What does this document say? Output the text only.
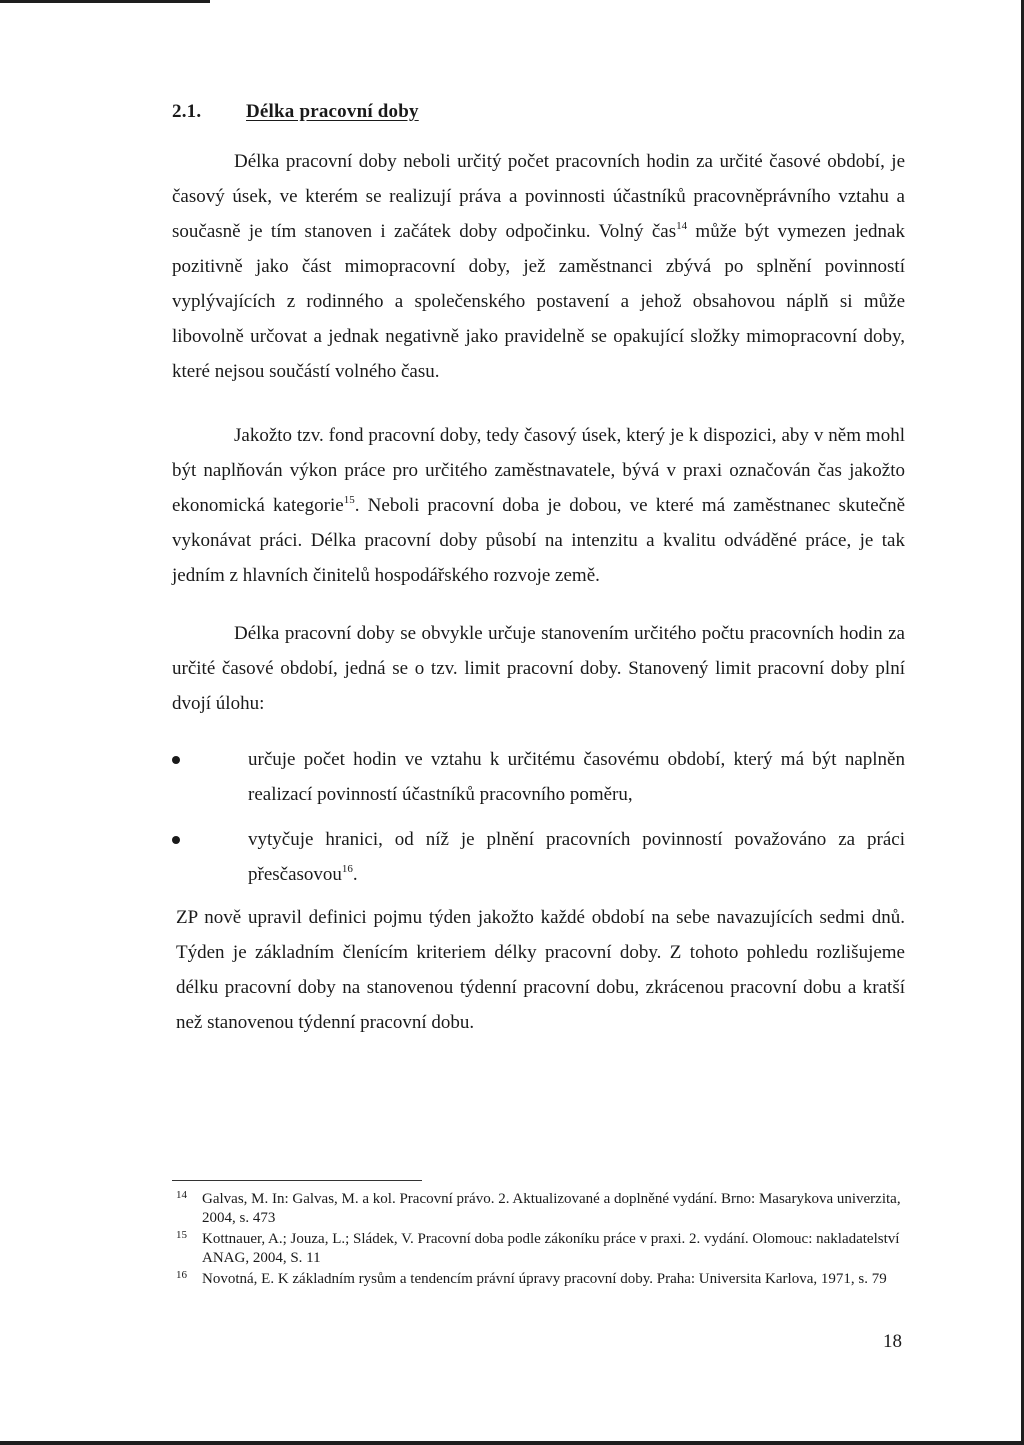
2.1. Délka pracovní doby

Délka pracovní doby neboli určitý počet pracovních hodin za určité časové období, je časový úsek, ve kterém se realizují práva a povinnosti účastníků pracovněprávního vztahu a současně je tím stanoven i začátek doby odpočinku. Volný čas$^{14}$ může být vymezen jednak pozitivně jako část mimopracovní doby, jež zaměstnanci zbývá po splnění povinností vyplývajících z rodinného a společenského postavení a jehož obsahovou náplň si může libovolně určovat a jednak negativně jako pravidelně se opakující složky mimopracovní doby, které nejsou součástí volného času.

Jakožto tzv. fond pracovní doby, tedy časový úsek, který je k dispozici, aby v něm mohl být naplňován výkon práce pro určitého zaměstnavatele, bývá v praxi označován čas jakožto ekonomická kategorie$^{15}$. Neboli pracovní doba je dobou, ve které má zaměstnanec skutečně vykonávat práci. Délka pracovní doby působí na intenzitu a kvalitu odváděné práce, je tak jedním z hlavních činitelů hospodářského rozvoje země.

Délka pracovní doby se obvykle určuje stanovením určitého počtu pracovních hodin za určité časové období, jedná se o tzv. limit pracovní doby. Stanovený limit pracovní doby plní dvojí úlohu:

určuje počet hodin ve vztahu k určitému časovému období, který má být naplněn realizací povinností účastníků pracovního poměru,
vytyčuje hranici, od níž je plnění pracovních povinností považováno za práci přesčasovou$^{16}$.

ZP nově upravil definici pojmu týden jakožto každé období na sebe navazujících sedmi dnů. Týden je základním členícím kriteriem délky pracovní doby. Z tohoto pohledu rozlišujeme délku pracovní doby na stanovenou týdenní pracovní dobu, zkrácenou pracovní dobu a kratší než stanovenou týdenní pracovní dobu.

14 Galvas, M. In: Galvas, M. a kol. Pracovní právo. 2. Aktualizované a doplněné vydání. Brno: Masarykova univerzita, 2004, s. 473
15 Kottnauer, A.; Jouza, L.; Sládek, V. Pracovní doba podle zákoníku práce v praxi. 2. vydání. Olomouc: nakladatelství ANAG, 2004, S. 11
16 Novotná, E. K základním rysům a tendencím právní úpravy pracovní doby. Praha: Universita Karlova, 1971, s. 79
18
